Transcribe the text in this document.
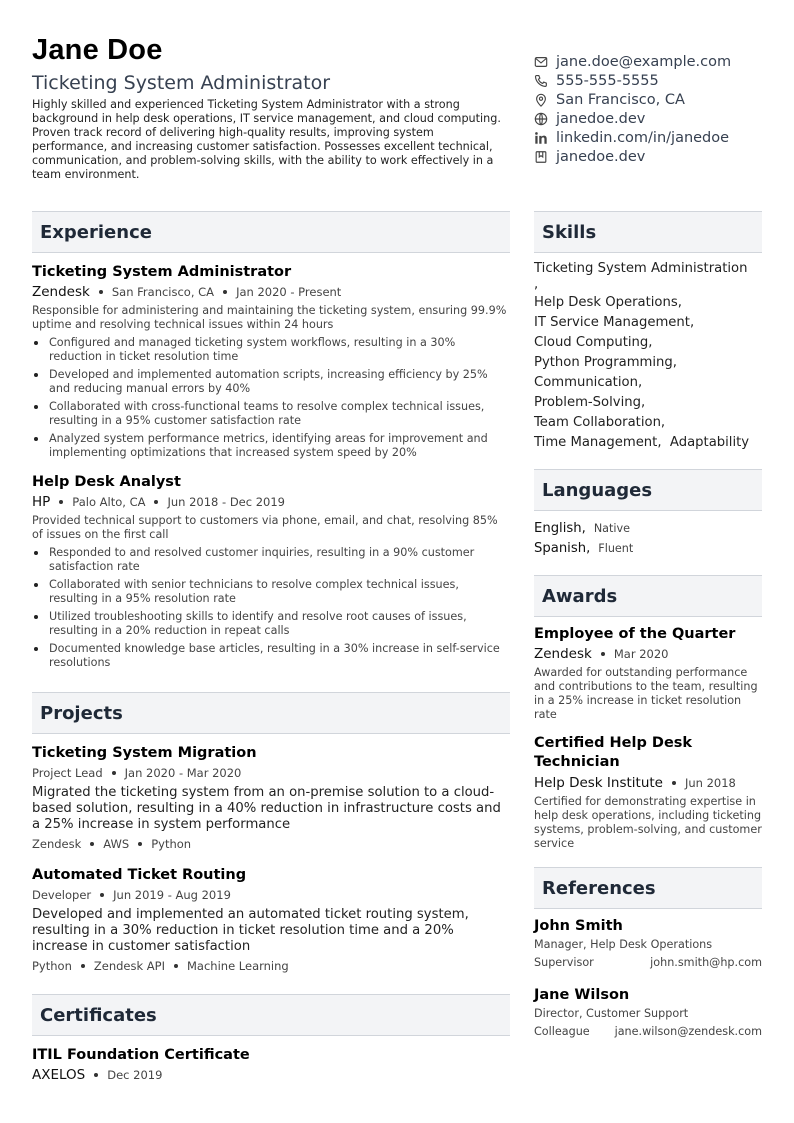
Jane Doe
Ticketing System Administrator
Highly skilled and experienced Ticketing System Administrator with a strong background in help desk operations, IT service management, and cloud computing. Proven track record of delivering high-quality results, improving system performance, and increasing customer satisfaction. Possesses excellent technical, communication, and problem-solving skills, with the ability to work effectively in a team environment.
jane.doe@example.com
555-555-5555
San Francisco, CA
janedoe.dev
linkedin.com/in/janedoe
janedoe.dev
Experience
Ticketing System Administrator
Zendesk San Francisco, CA Jan 2020 - Present
Responsible for administering and maintaining the ticketing system, ensuring 99.9% uptime and resolving technical issues within 24 hours
Configured and managed ticketing system workflows, resulting in a 30% reduction in ticket resolution time
Developed and implemented automation scripts, increasing efficiency by 25% and reducing manual errors by 40%
Collaborated with cross-functional teams to resolve complex technical issues, resulting in a 95% customer satisfaction rate
Analyzed system performance metrics, identifying areas for improvement and implementing optimizations that increased system speed by 20%
Help Desk Analyst
HP Palo Alto, CA Jun 2018 - Dec 2019
Provided technical support to customers via phone, email, and chat, resolving 85% of issues on the first call
Responded to and resolved customer inquiries, resulting in a 90% customer satisfaction rate
Collaborated with senior technicians to resolve complex technical issues, resulting in a 95% resolution rate
Utilized troubleshooting skills to identify and resolve root causes of issues, resulting in a 20% reduction in repeat calls
Documented knowledge base articles, resulting in a 30% increase in self-service resolutions
Projects
Ticketing System Migration
Project Lead Jan 2020 - Mar 2020
Migrated the ticketing system from an on-premise solution to a cloud-based solution, resulting in a 40% reduction in infrastructure costs and a 25% increase in system performance
Zendesk AWS Python
Automated Ticket Routing
Developer Jun 2019 - Aug 2019
Developed and implemented an automated ticket routing system, resulting in a 30% reduction in ticket resolution time and a 20% increase in customer satisfaction
Python Zendesk API Machine Learning
Certificates
ITIL Foundation Certificate
AXELOS Dec 2019
Skills
Ticketing System Administration
,
Help Desk Operations,
IT Service Management,
Cloud Computing,
Python Programming,
Communication,
Problem-Solving,
Team Collaboration,
Time Management,  Adaptability
Languages
English, Native
Spanish, Fluent
Awards
Employee of the Quarter
Zendesk Mar 2020
Awarded for outstanding performance and contributions to the team, resulting in a 25% increase in ticket resolution rate
Certified Help Desk Technician
Help Desk Institute Jun 2018
Certified for demonstrating expertise in help desk operations, including ticketing systems, problem-solving, and customer service
References
John Smith
Manager, Help Desk Operations
Supervisor	john.smith@hp.com
Jane Wilson
Director, Customer Support
Colleague jane.wilson@zendesk.com
